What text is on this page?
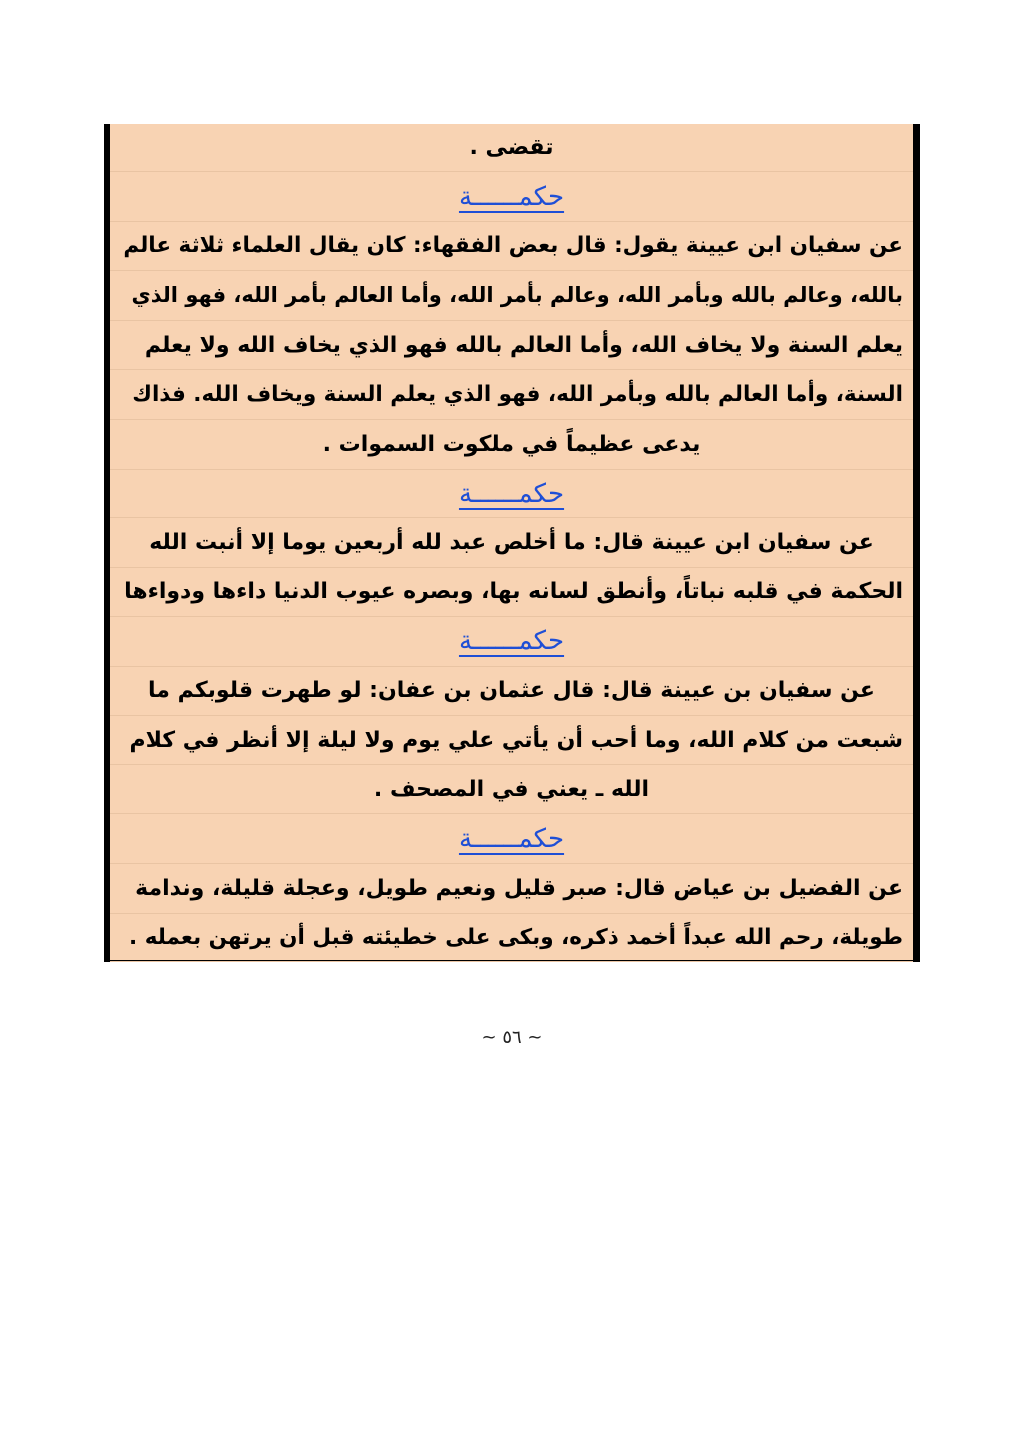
تقضى .
حكمــــــة
عن سفيان ابن عيينة يقول: قال بعض الفقهاء: كان يقال العلماء ثلاثة عالم
بالله، وعالم بالله وبأمر الله، وعالم بأمر الله، وأما العالم بأمر الله، فهو الذي
يعلم السنة ولا يخاف الله، وأما العالم بالله فهو الذي يخاف الله ولا يعلم
السنة، وأما العالم بالله وبأمر الله، فهو الذي يعلم السنة ويخاف الله. فذاك
يدعى عظيماً في ملكوت السموات .
حكمــــــة
عن سفيان ابن عيينة قال: ما أخلص عبد لله أربعين يوما إلا أنبت الله
الحكمة في قلبه نباتاً، وأنطق لسانه بها، وبصره عيوب الدنيا داءها ودواءها
حكمــــــة
عن سفيان بن عيينة قال: قال عثمان بن عفان: لو طهرت قلوبكم ما
شبعت من كلام الله، وما أحب أن يأتي علي يوم ولا ليلة إلا أنظر في كلام
الله ـ يعني في المصحف .
حكمــــــة
عن الفضيل بن عياض قال: صبر قليل ونعيم طويل، وعجلة قليلة، وندامة
طويلة، رحم الله عبداً أخمد ذكره، وبكى على خطيئته قبل أن يرتهن بعمله .
~ ٥٦ ~
